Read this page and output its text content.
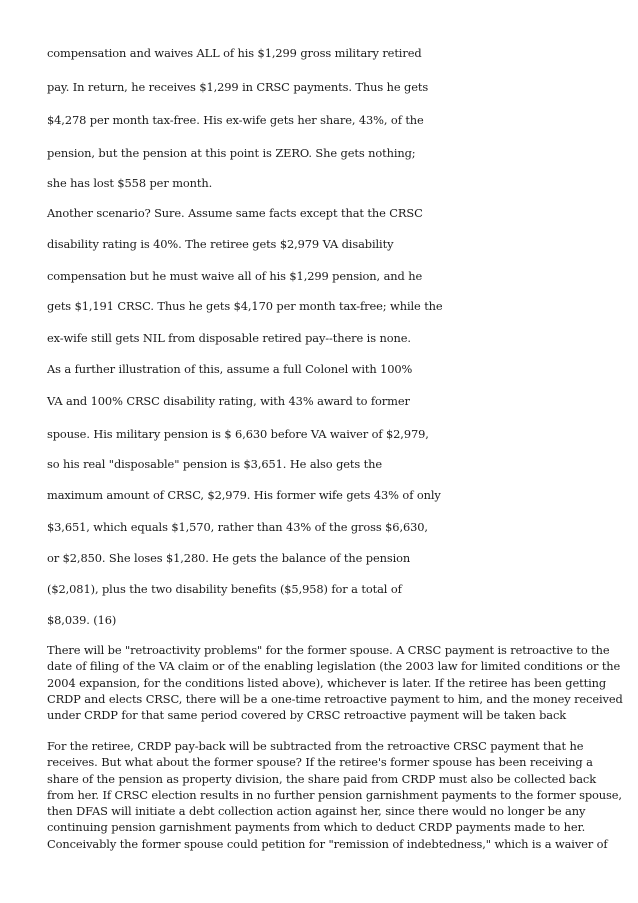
compensation and waives ALL of his $1,299 gross military retired
pay. In return, he receives $1,299 in CRSC payments. Thus he gets
$4,278 per month tax-free. His ex-wife gets her share, 43%, of the
pension, but the pension at this point is ZERO. She gets nothing;
she has lost $558 per month.
Another scenario? Sure. Assume same facts except that the CRSC
disability rating is 40%. The retiree gets $2,979 VA disability
compensation but he must waive all of his $1,299 pension, and he
gets $1,191 CRSC. Thus he gets $4,170 per month tax-free; while the
ex-wife still gets NIL from disposable retired pay--there is none.
As a further illustration of this, assume a full Colonel with 100%
VA and 100% CRSC disability rating, with 43% award to former
spouse. His military pension is $ 6,630 before VA waiver of $2,979,
so his real "disposable" pension is $3,651. He also gets the
maximum amount of CRSC, $2,979. His former wife gets 43% of only
$3,651, which equals $1,570, rather than 43% of the gross $6,630,
or $2,850. She loses $1,280. He gets the balance of the pension
($2,081), plus the two disability benefits ($5,958) for a total of
$8,039. (16)

There will be "retroactivity problems" for the former spouse. A CRSC payment is retroactive to the
date of filing of the VA claim or of the enabling legislation (the 2003 law for limited conditions or the
2004 expansion, for the conditions listed above), whichever is later. If the retiree has been getting
CRDP and elects CRSC, there will be a one-time retroactive payment to him, and the money received
under CRDP for that same period covered by CRSC retroactive payment will be taken back

For the retiree, CRDP pay-back will be subtracted from the retroactive CRSC payment that he
receives. But what about the former spouse? If the retiree's former spouse has been receiving a
share of the pension as property division, the share paid from CRDP must also be collected back
from her. If CRSC election results in no further pension garnishment payments to the former spouse,
then DFAS will initiate a debt collection action against her, since there would no longer be any
continuing pension garnishment payments from which to deduct CRDP payments made to her.
Conceivably the former spouse could petition for "remission of indebtedness," which is a waiver of
